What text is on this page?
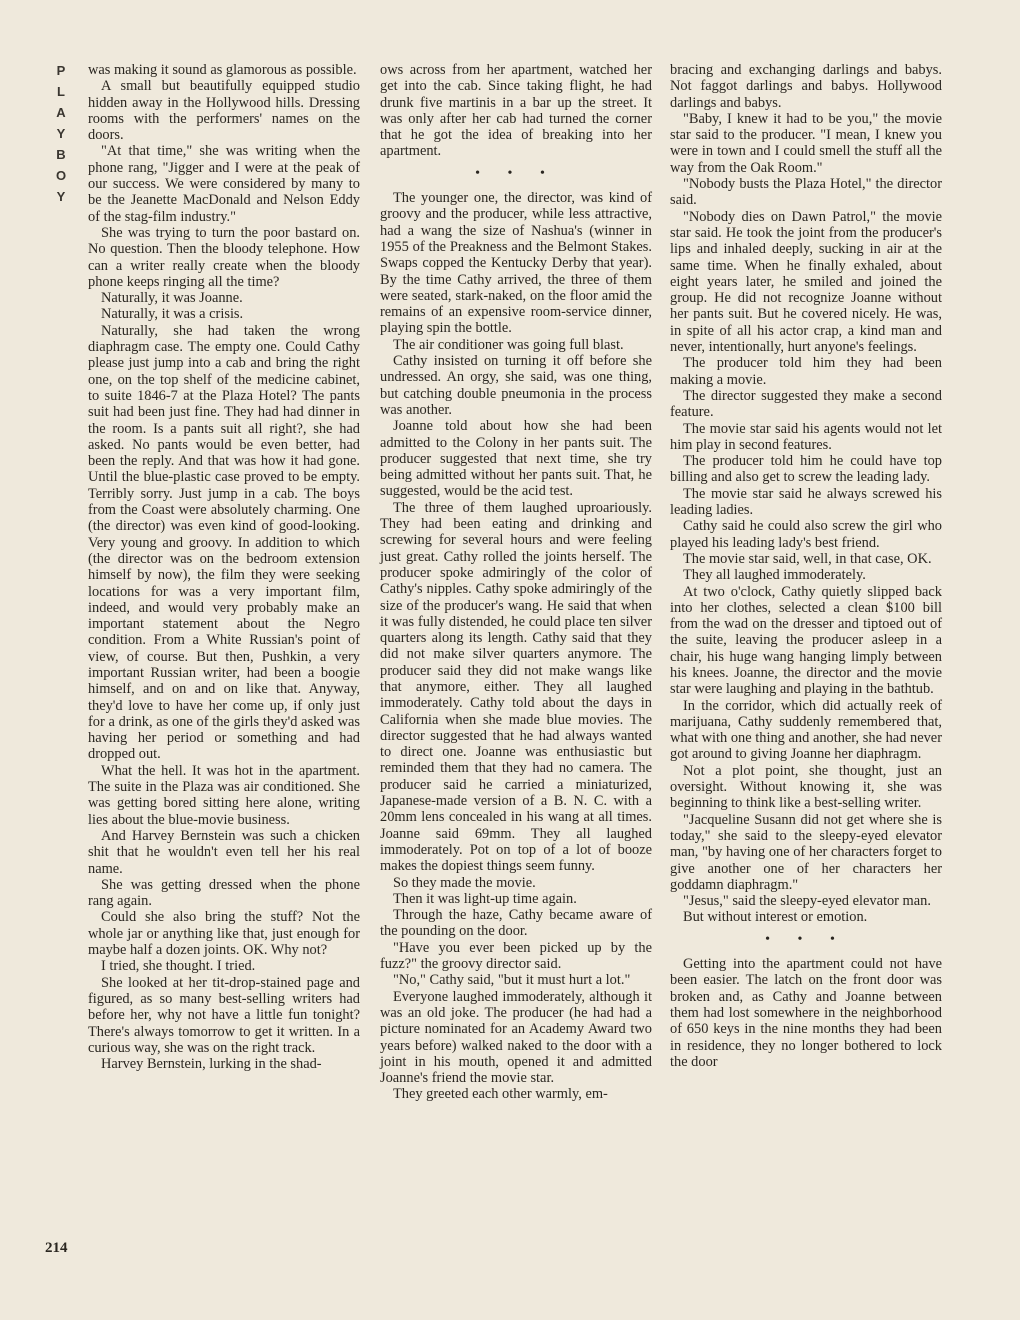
P
L
A
Y
B
O
Y

was making it sound as glamorous as possible.

A small but beautifully equipped studio hidden away in the Hollywood hills. Dressing rooms with the performers' names on the doors.

"At that time," she was writing when the phone rang, "Jigger and I were at the peak of our success. We were considered by many to be the Jeanette MacDonald and Nelson Eddy of the stag-film industry."

She was trying to turn the poor bastard on. No question. Then the bloody telephone. How can a writer really create when the bloody phone keeps ringing all the time?

Naturally, it was Joanne.

Naturally, it was a crisis.

Naturally, she had taken the wrong diaphragm case. The empty one. Could Cathy please just jump into a cab and bring the right one, on the top shelf of the medicine cabinet, to suite 1846-7 at the Plaza Hotel? The pants suit had been just fine. They had had dinner in the room. Is a pants suit all right?, she had asked. No pants would be even better, had been the reply. And that was how it had gone. Until the blue-plastic case proved to be empty. Terribly sorry. Just jump in a cab. The boys from the Coast were absolutely charming. One (the director) was even kind of good-looking. Very young and groovy. In addition to which (the director was on the bedroom extension himself by now), the film they were seeking locations for was a very important film, indeed, and would very probably make an important statement about the Negro condition. From a White Russian's point of view, of course. But then, Pushkin, a very important Russian writer, had been a boogie himself, and on and on like that. Anyway, they'd love to have her come up, if only just for a drink, as one of the girls they'd asked was having her period or something and had dropped out.

What the hell. It was hot in the apartment. The suite in the Plaza was air conditioned. She was getting bored sitting here alone, writing lies about the blue-movie business.

And Harvey Bernstein was such a chicken shit that he wouldn't even tell her his real name.

She was getting dressed when the phone rang again.

Could she also bring the stuff? Not the whole jar or anything like that, just enough for maybe half a dozen joints. OK. Why not?

I tried, she thought. I tried.

She looked at her tit-drop-stained page and figured, as so many best-selling writers had before her, why not have a little fun tonight? There's always tomorrow to get it written. In a curious way, she was on the right track.

Harvey Bernstein, lurking in the shad-

ows across from her apartment, watched her get into the cab. Since taking flight, he had drunk five martinis in a bar up the street. It was only after her cab had turned the corner that he got the idea of breaking into her apartment.

• • •

The younger one, the director, was kind of groovy and the producer, while less attractive, had a wang the size of Nashua's (winner in 1955 of the Preakness and the Belmont Stakes. Swaps copped the Kentucky Derby that year). By the time Cathy arrived, the three of them were seated, stark-naked, on the floor amid the remains of an expensive room-service dinner, playing spin the bottle.

The air conditioner was going full blast.

Cathy insisted on turning it off before she undressed. An orgy, she said, was one thing, but catching double pneumonia in the process was another.

Joanne told about how she had been admitted to the Colony in her pants suit. The producer suggested that next time, she try being admitted without her pants suit. That, he suggested, would be the acid test.

The three of them laughed uproariously. They had been eating and drinking and screwing for several hours and were feeling just great. Cathy rolled the joints herself. The producer spoke admiringly of the color of Cathy's nipples. Cathy spoke admiringly of the size of the producer's wang. He said that when it was fully distended, he could place ten silver quarters along its length. Cathy said that they did not make silver quarters anymore. The producer said they did not make wangs like that anymore, either. They all laughed immoderately. Cathy told about the days in California when she made blue movies. The director suggested that he had always wanted to direct one. Joanne was enthusiastic but reminded them that they had no camera. The producer said he carried a miniaturized, Japanese-made version of a B. N. C. with a 20mm lens concealed in his wang at all times. Joanne said 69mm. They all laughed immoderately. Pot on top of a lot of booze makes the dopiest things seem funny.

So they made the movie.

Then it was light-up time again.

Through the haze, Cathy became aware of the pounding on the door.

"Have you ever been picked up by the fuzz?" the groovy director said.

"No," Cathy said, "but it must hurt a lot."

Everyone laughed immoderately, although it was an old joke. The producer (he had had a picture nominated for an Academy Award two years before) walked naked to the door with a joint in his mouth, opened it and admitted Joanne's friend the movie star.

They greeted each other warmly, em-

bracing and exchanging darlings and babys. Not faggot darlings and babys. Hollywood darlings and babys.

"Baby, I knew it had to be you," the movie star said to the producer. "I mean, I knew you were in town and I could smell the stuff all the way from the Oak Room."

"Nobody busts the Plaza Hotel," the director said.

"Nobody dies on Dawn Patrol," the movie star said. He took the joint from the producer's lips and inhaled deeply, sucking in air at the same time. When he finally exhaled, about eight years later, he smiled and joined the group. He did not recognize Joanne without her pants suit. But he covered nicely. He was, in spite of all his actor crap, a kind man and never, intentionally, hurt anyone's feelings.

The producer told him they had been making a movie.

The director suggested they make a second feature.

The movie star said his agents would not let him play in second features.

The producer told him he could have top billing and also get to screw the leading lady.

The movie star said he always screwed his leading ladies.

Cathy said he could also screw the girl who played his leading lady's best friend.

The movie star said, well, in that case, OK.

They all laughed immoderately.

At two o'clock, Cathy quietly slipped back into her clothes, selected a clean $100 bill from the wad on the dresser and tiptoed out of the suite, leaving the producer asleep in a chair, his huge wang hanging limply between his knees. Joanne, the director and the movie star were laughing and playing in the bathtub.

In the corridor, which did actually reek of marijuana, Cathy suddenly remembered that, what with one thing and another, she had never got around to giving Joanne her diaphragm.

Not a plot point, she thought, just an oversight. Without knowing it, she was beginning to think like a best-selling writer.

"Jacqueline Susann did not get where she is today," she said to the sleepy-eyed elevator man, "by having one of her characters forget to give another one of her characters her goddamn diaphragm."

"Jesus," said the sleepy-eyed elevator man.

But without interest or emotion.

• • •

Getting into the apartment could not have been easier. The latch on the front door was broken and, as Cathy and Joanne between them had lost somewhere in the neighborhood of 650 keys in the nine months they had been in residence, they no longer bothered to lock the door

214
